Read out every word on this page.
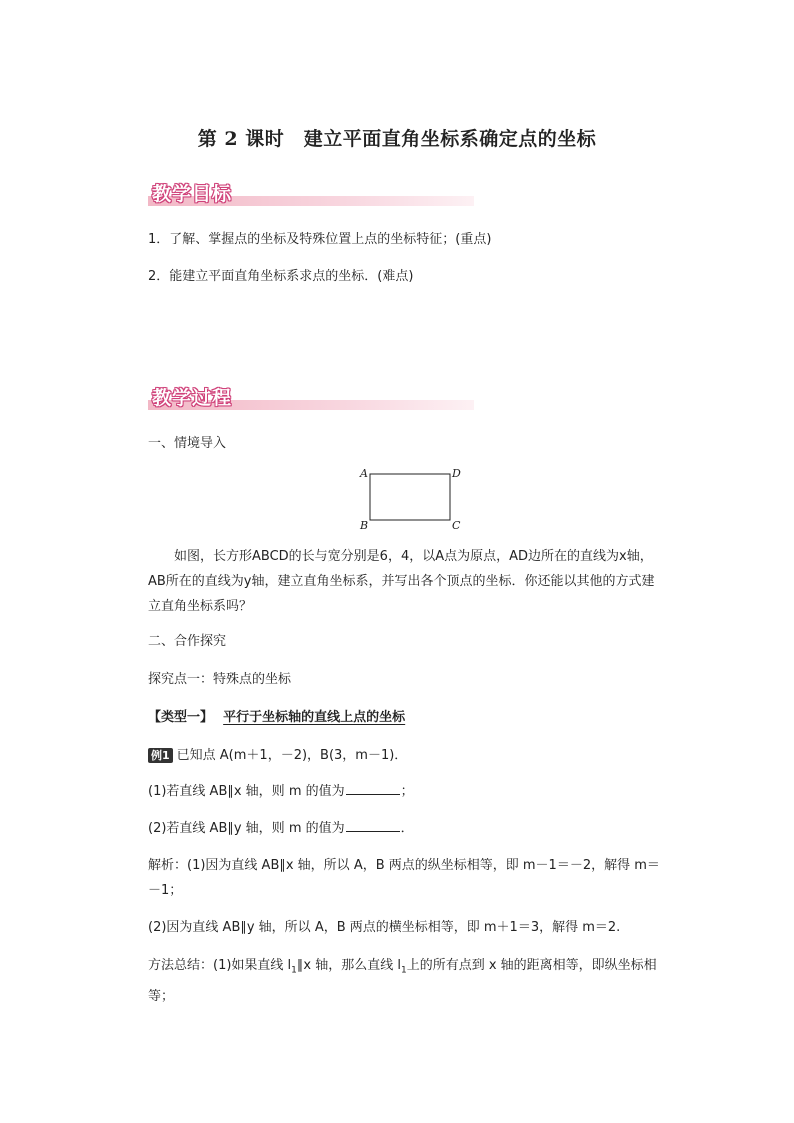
第 2 课时　建立平面直角坐标系确定点的坐标
教学目标
1．了解、掌握点的坐标及特殊位置上点的坐标特征；(重点)
2．能建立平面直角坐标系求点的坐标．(难点)
教学过程
一、情境导入
A	D
B	C
如图，长方形ABCD的长与宽分别是6，4，以A点为原点，AD边所在的直线为x轴，AB所在的直线为y轴，建立直角坐标系，并写出各个顶点的坐标．你还能以其他的方式建立直角坐标系吗？
二、合作探究
探究点一：特殊点的坐标
【类型一】 平行于坐标轴的直线上点的坐标
例1 已知点 A(m＋1，－2)，B(3，m－1)．
(1)若直线 AB∥x 轴，则 m 的值为	；
(2)若直线 AB∥y 轴，则 m 的值为	．
解析：(1)因为直线 AB∥x 轴，所以 A，B 两点的纵坐标相等，即 m－1＝－2，解得 m＝－1；
(2)因为直线 AB∥y 轴，所以 A，B 两点的横坐标相等，即 m＋1＝3，解得 m＝2.
方法总结：(1)如果直线 $l_1\parallel x$ 轴，那么直线 $l_1$上的所有点到 x 轴的距离相等，即纵坐标相等；
